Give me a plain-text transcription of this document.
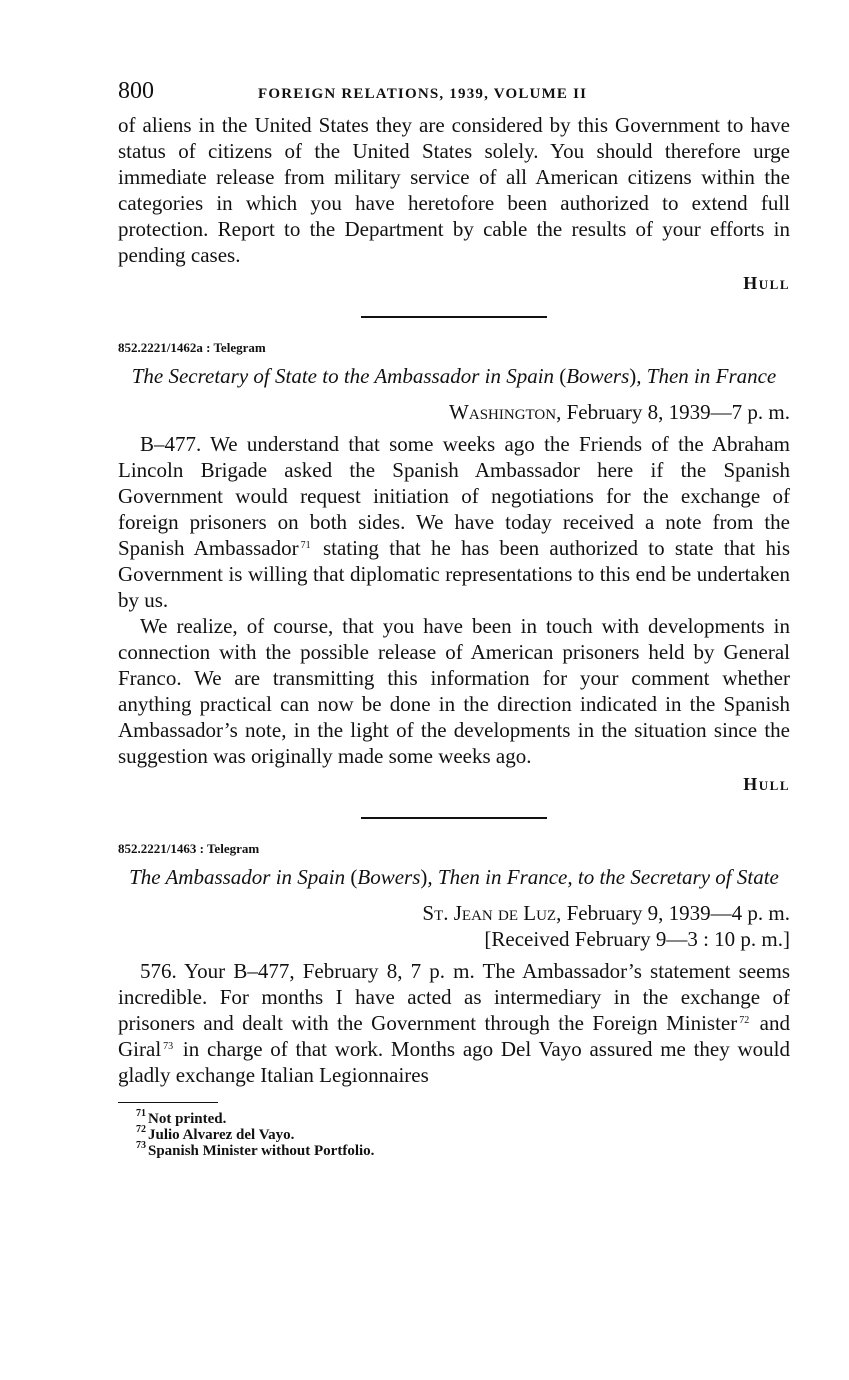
800	FOREIGN RELATIONS, 1939, VOLUME II

of aliens in the United States they are considered by this Government to have status of citizens of the United States solely. You should therefore urge immediate release from military service of all American citizens within the categories in which you have heretofore been authorized to extend full protection. Report to the Department by cable the results of your efforts in pending cases.

Hull
852.2221/1462a : Telegram
The Secretary of State to the Ambassador in Spain (Bowers), Then in France
Washington, February 8, 1939—7 p. m.

B–477. We understand that some weeks ago the Friends of the Abraham Lincoln Brigade asked the Spanish Ambassador here if the Spanish Government would request initiation of negotiations for the exchange of foreign prisoners on both sides. We have today received a note from the Spanish Ambassador $^{71}$ stating that he has been authorized to state that his Government is willing that diplomatic representations to this end be undertaken by us.

We realize, of course, that you have been in touch with developments in connection with the possible release of American prisoners held by General Franco. We are transmitting this information for your comment whether anything practical can now be done in the direction indicated in the Spanish Ambassador’s note, in the light of the developments in the situation since the suggestion was originally made some weeks ago.

Hull
852.2221/1463 : Telegram
The Ambassador in Spain (Bowers), Then in France, to the Secretary of State
St. Jean de Luz, February 9, 1939—4 p. m.
[Received February 9—3 : 10 p. m.]

576. Your B–477, February 8, 7 p. m. The Ambassador’s statement seems incredible. For months I have acted as intermediary in the exchange of prisoners and dealt with the Government through the Foreign Minister $^{72}$ and Giral $^{73}$ in charge of that work. Months ago Del Vayo assured me they would gladly exchange Italian Legionnaires

$^{71}$ Not printed.
$^{72}$ Julio Alvarez del Vayo.
$^{73}$ Spanish Minister without Portfolio.
